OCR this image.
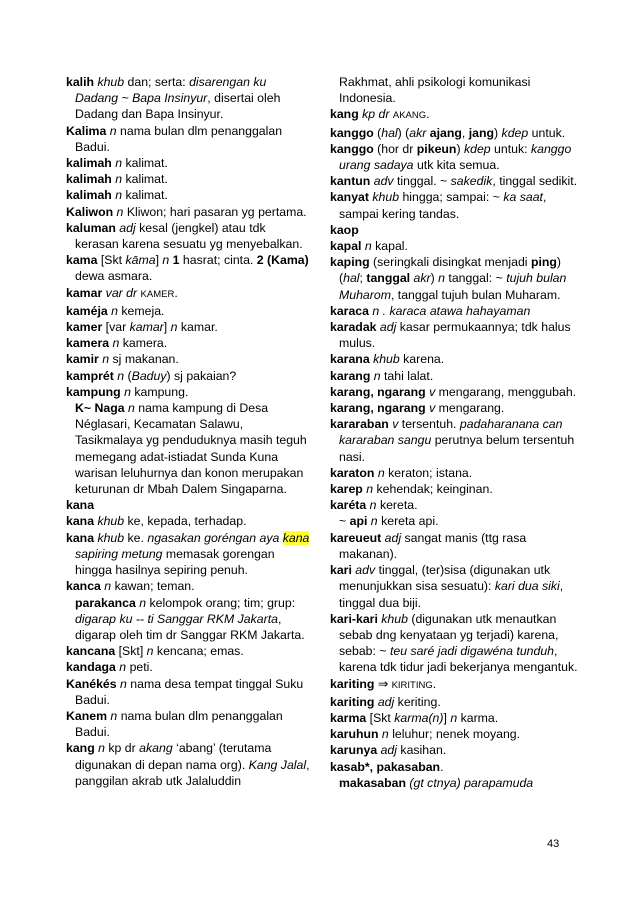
kalih khub dan; serta: disarengan ku Dadang ~ Bapa Insinyur, disertai oleh Dadang dan Bapa Insinyur.

Kalima n nama bulan dlm penanggalan Badui.

kalimah n kalimat.

kalimah n kalimat.

kalimah n kalimat.

Kaliwon n Kliwon; hari pasaran yg pertama.

kaluman adj kesal (jengkel) atau tdk kerasan karena sesuatu yg menyebalkan.

kama [Skt kāma] n 1 hasrat; cinta. 2 (Kama) dewa asmara.

kamar var dr KAMER.

kaméja n kemeja.

kamer [var kamar] n kamar.

kamera n kamera.

kamir n sj makanan.

kamprét n (Baduy) sj pakaian?

kampung n kampung.

K~ Naga n nama kampung di Desa Néglasari, Kecamatan Salawu, Tasikmalaya yg penduduknya masih teguh memegang adat-istiadat Sunda Kuna warisan leluhurnya dan konon merupakan keturunan dr Mbah Dalem Singaparna.

kana

kana khub ke, kepada, terhadap.

kana khub ke. ngasakan goréngan aya kana sapiring metung memasak gorengan hingga hasilnya sepiring penuh.

kanca n kawan; teman.

parakanca n kelompok orang; tim; grup: digarap ku -- ti Sanggar RKM Jakarta, digarap oleh tim dr Sanggar RKM Jakarta.

kancana [Skt] n kencana; emas.

kandaga n peti.

Kanékés n nama desa tempat tinggal Suku Badui.

Kanem n nama bulan dlm penanggalan Badui.

kang n kp dr akang ‘abang’ (terutama digunakan di depan nama org). Kang Jalal, panggilan akrab utk Jalaluddin

Rakhmat, ahli psikologi komunikasi Indonesia.

kang kp dr AKANG.

kanggo (hal) (akr ajang, jang) kdep untuk.

kanggo (hor dr pikeun) kdep untuk: kanggo urang sadaya utk kita semua.

kantun adv tinggal. ~ sakedik, tinggal sedikit.

kanyat khub hingga; sampai: ~ ka saat, sampai kering tandas.

kaop

kapal n kapal.

kaping (seringkali disingkat menjadi ping) (hal; tanggal akr) n tanggal: ~ tujuh bulan Muharom, tanggal tujuh bulan Muharam.

karaca n . karaca atawa hahayaman

karadak adj kasar permukaannya; tdk halus mulus.

karana khub karena.

karang n tahi lalat.

karang, ngarang v mengarang, menggubah.

karang, ngarang v mengarang.

kararaban v tersentuh. padaharanana can kararaban sangu perutnya belum tersentuh nasi.

karaton n keraton; istana.

karep n kehendak; keinginan.

karéta n kereta.

~ api n kereta api.

kareueut adj sangat manis (ttg rasa makanan).

kari adv tinggal, (ter)sisa (digunakan utk menunjukkan sisa sesuatu): kari dua siki, tinggal dua biji.

kari-kari khub (digunakan utk menautkan sebab dng kenyataan yg terjadi) karena, sebab: ~ teu saré jadi digawéna tunduh, karena tdk tidur jadi bekerjanya mengantuk.

kariting ⇒ KIRITING.

kariting adj keriting.

karma [Skt karma(n)] n karma.

karuhun n leluhur; nenek moyang.

karunya adj kasihan.

kasab*, pakasaban.

makasaban (gt ctnya) parapamuda

43
